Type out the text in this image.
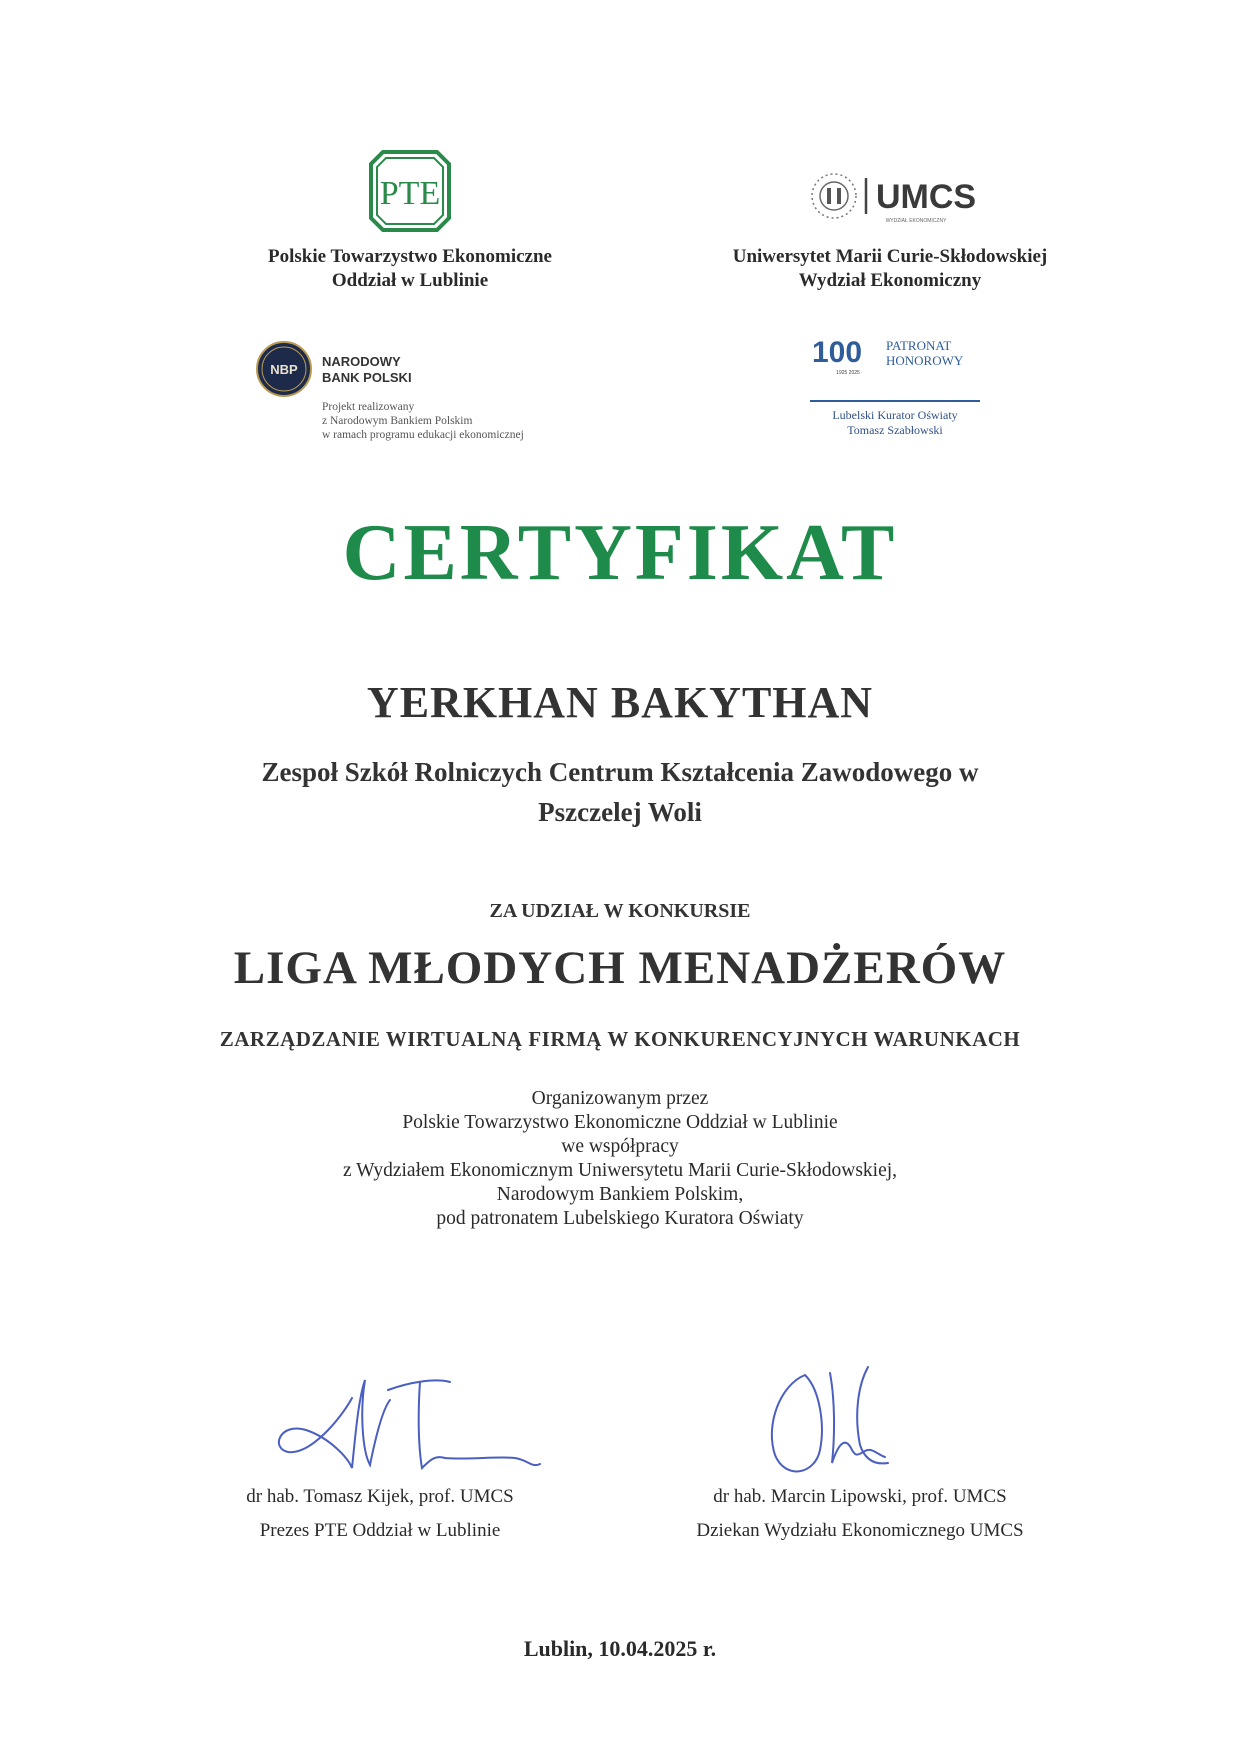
PTE
Polskie Towarzystwo Ekonomiczne
Oddział w Lublinie
UMCS
WYDZIAŁ EKONOMICZNY
Uniwersytet Marii Curie-Skłodowskiej
Wydział Ekonomiczny
NBP
NARODOWY
BANK POLSKI
Projekt realizowany
z Narodowym Bankiem Polskim
w ramach programu edukacji ekonomicznej
100
1925 2025
PATRONAT
HONOROWY
Lubelski Kurator Oświaty
Tomasz Szabłowski
CERTYFIKAT
YERKHAN BAKYTHAN
Zespoł Szkół Rolniczych Centrum Kształcenia Zawodowego w
Pszczelej Woli
ZA UDZIAŁ W KONKURSIE
LIGA MŁODYCH MENADŻERÓW
ZARZĄDZANIE WIRTUALNĄ FIRMĄ W KONKURENCYJNYCH WARUNKACH
Organizowanym przez
Polskie Towarzystwo Ekonomiczne Oddział w Lublinie
we współpracy
z Wydziałem Ekonomicznym Uniwersytetu Marii Curie-Skłodowskiej,
Narodowym Bankiem Polskim,
pod patronatem Lubelskiego Kuratora Oświaty
dr hab. Tomasz Kijek, prof. UMCS
Prezes PTE Oddział w Lublinie
dr hab. Marcin Lipowski, prof. UMCS
Dziekan Wydziału Ekonomicznego UMCS
Lublin, 10.04.2025 r.
